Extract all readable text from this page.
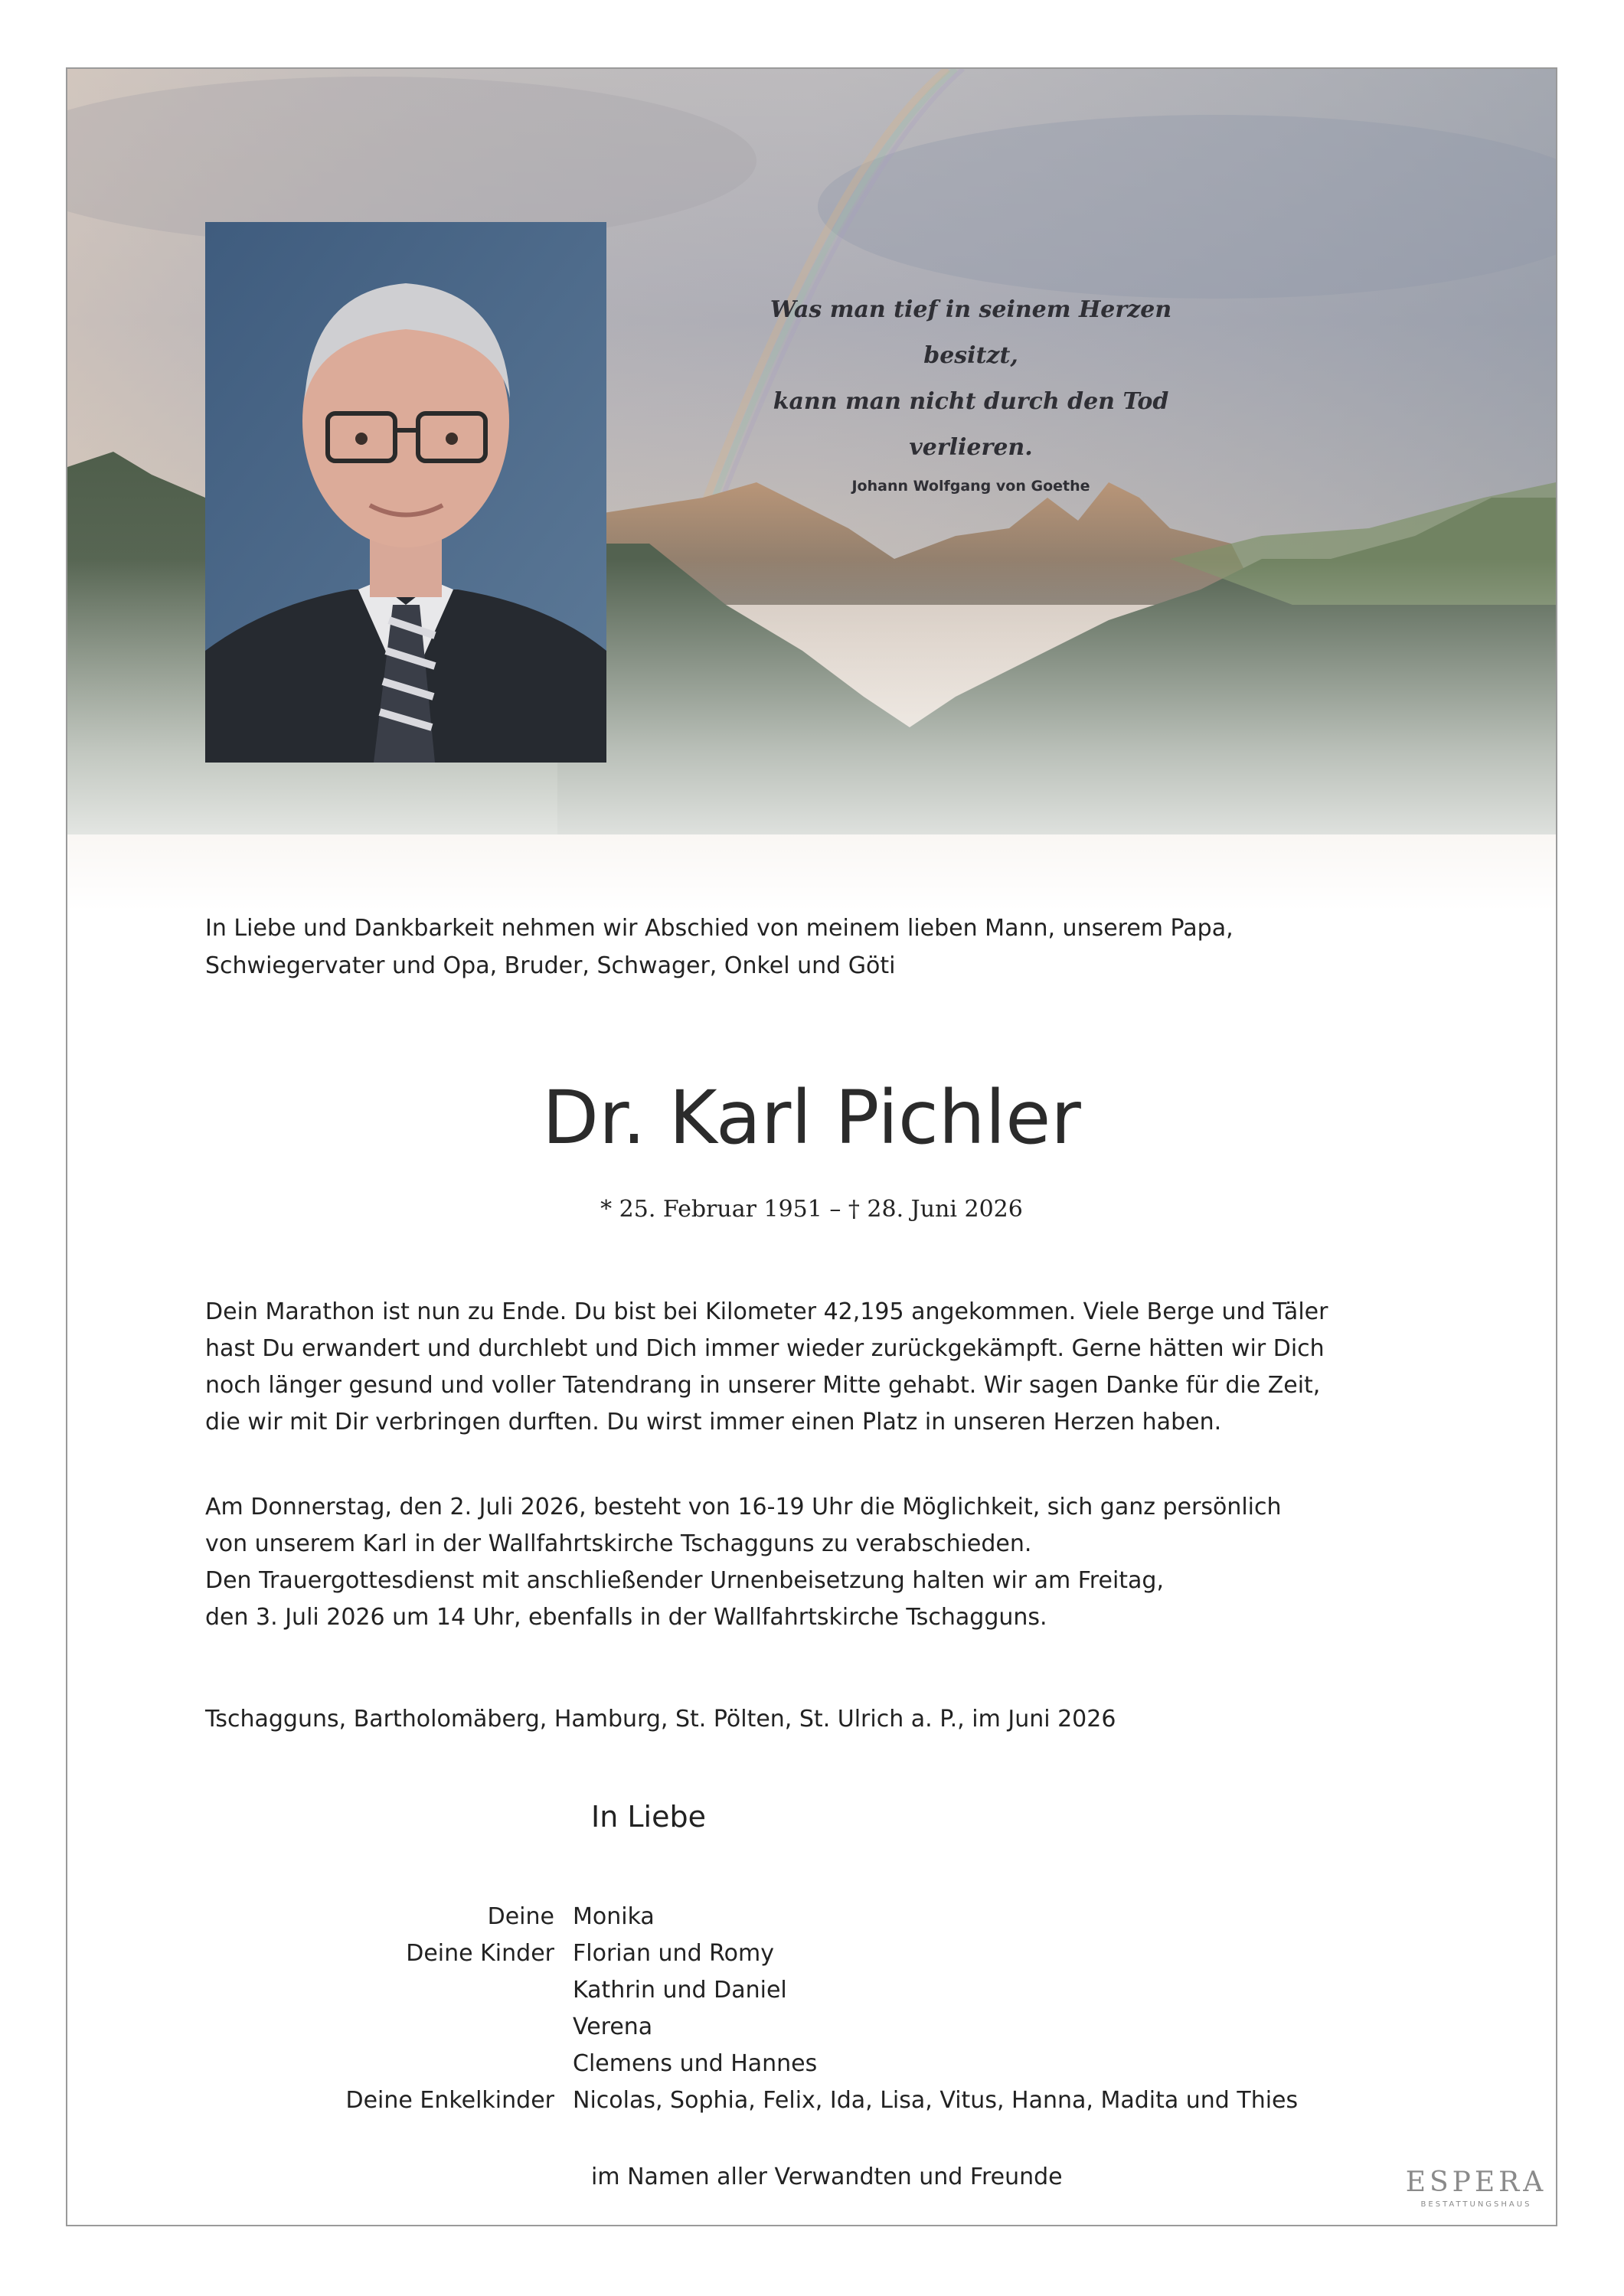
Was man tief in seinem Herzen besitzt,
kann man nicht durch den Tod verlieren.
Johann Wolfgang von Goethe
In Liebe und Dankbarkeit nehmen wir Abschied von meinem lieben Mann, unserem Papa,
Schwiegervater und Opa, Bruder, Schwager, Onkel und Göti
Dr. Karl Pichler
* 25. Februar 1951 – † 28. Juni 2026

Dein Marathon ist nun zu Ende. Du bist bei Kilometer 42,195 angekommen. Viele Berge und Täler

hast Du erwandert und durchlebt und Dich immer wieder zurückgekämpft. Gerne hätten wir Dich

noch länger gesund und voller Tatendrang in unserer Mitte gehabt. Wir sagen Danke für die Zeit,

die wir mit Dir verbringen durften. Du wirst immer einen Platz in unseren Herzen haben.

Am Donnerstag, den 2. Juli 2026, besteht von 16-19 Uhr die Möglichkeit, sich ganz persönlich

von unserem Karl in der Wallfahrtskirche Tschagguns zu verabschieden.

Den Trauergottesdienst mit anschließender Urnenbeisetzung halten wir am Freitag,

den 3. Juli 2026 um 14 Uhr, ebenfalls in der Wallfahrtskirche Tschagguns.

Tschagguns, Bartholomäberg, Hamburg, St. Pölten, St. Ulrich a. P., im Juni 2026
In Liebe
Deine Monika
Deine Kinder Florian und Romy
Kathrin und Daniel
Verena
Clemens und Hannes
Deine Enkelkinder Nicolas, Sophia, Felix, Ida, Lisa, Vitus, Hanna, Madita und Thies
im Namen aller Verwandten und Freunde	ESPERA
BESTATTUNGSHAUS
